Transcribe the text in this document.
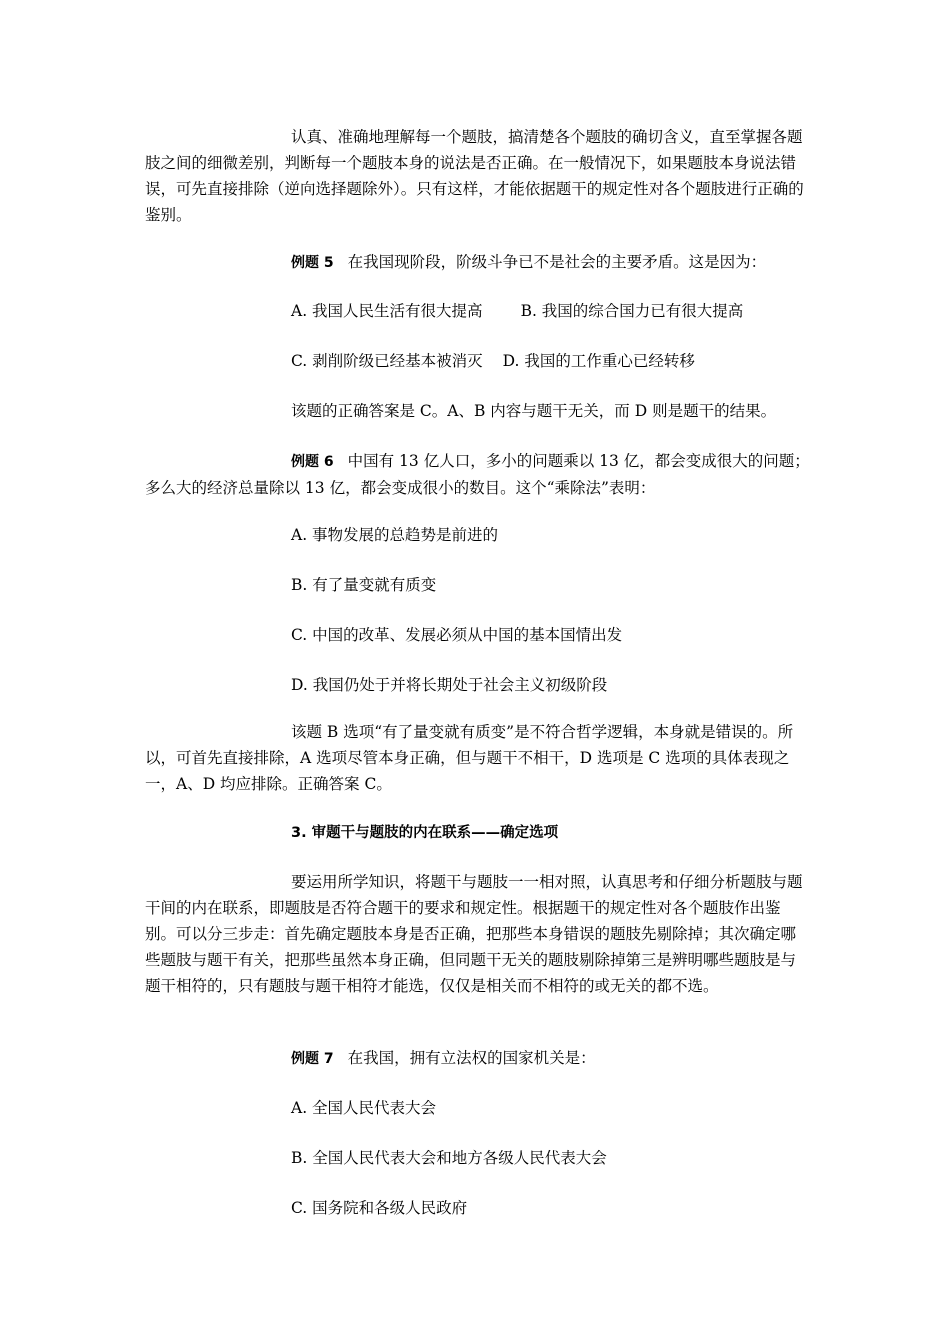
认真、准确地理解每一个题肢，搞清楚各个题肢的确切含义，直至掌握各题肢之间的细微差别，判断每一个题肢本身的说法是否正确。在一般情况下，如果题肢本身说法错误，可先直接排除（逆向选择题除外）。只有这样，才能依据题干的规定性对各个题肢进行正确的鉴别。

例题 5 在我国现阶段，阶级斗争已不是社会的主要矛盾。这是因为：

A. 我国人民生活有很大提高 B. 我国的综合国力已有很大提高

C. 剥削阶级已经基本被消灭 D. 我国的工作重心已经转移

该题的正确答案是 C。A、B 内容与题干无关，而 D 则是题干的结果。

例题 6 中国有 13 亿人口，多小的问题乘以 13 亿，都会变成很大的问题；多么大的经济总量除以 13 亿，都会变成很小的数目。这个“乘除法”表明：

A. 事物发展的总趋势是前进的

B. 有了量变就有质变

C. 中国的改革、发展必须从中国的基本国情出发

D. 我国仍处于并将长期处于社会主义初级阶段

该题 B 选项“有了量变就有质变”是不符合哲学逻辑，本身就是错误的。所以，可首先直接排除，A 选项尽管本身正确，但与题干不相干，D 选项是 C 选项的具体表现之一，A、D 均应排除。正确答案 C。

3. 审题干与题肢的内在联系——确定选项

要运用所学知识，将题干与题肢一一相对照，认真思考和仔细分析题肢与题干间的内在联系，即题肢是否符合题干的要求和规定性。根据题干的规定性对各个题肢作出鉴别。可以分三步走：首先确定题肢本身是否正确，把那些本身错误的题肢先剔除掉；其次确定哪些题肢与题干有关，把那些虽然本身正确，但同题干无关的题肢剔除掉第三是辨明哪些题肢是与题干相符的，只有题肢与题干相符才能选，仅仅是相关而不相符的或无关的都不选。

例题 7 在我国，拥有立法权的国家机关是：

A. 全国人民代表大会

B. 全国人民代表大会和地方各级人民代表大会

C. 国务院和各级人民政府
